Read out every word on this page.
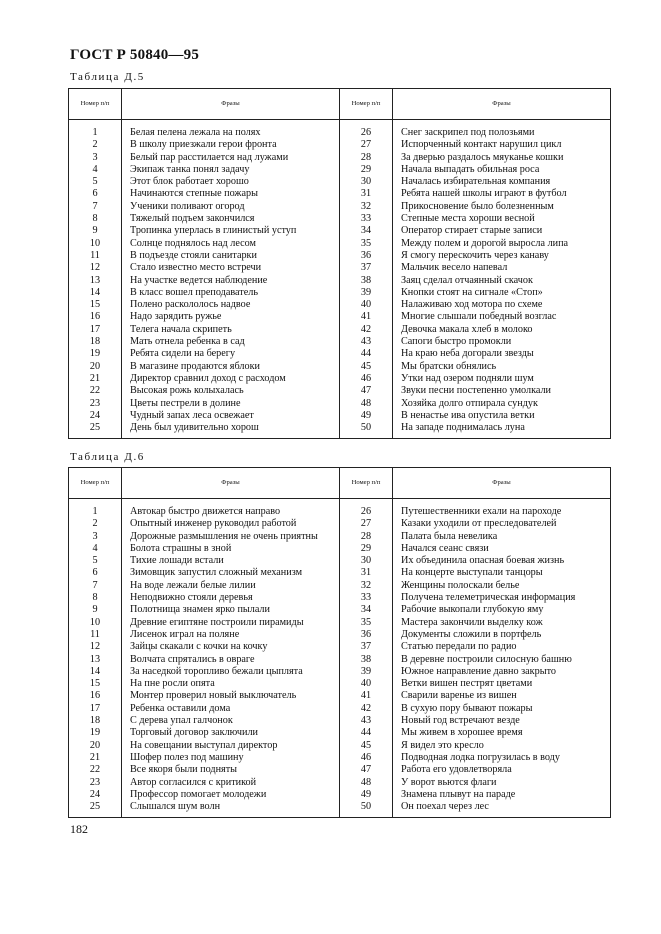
ГОСТ Р 50840—95
Таблица Д.5
Номер п/п	Фразы	Номер п/п	Фразы

1	Белая пелена лежала на полях	26	Снег заскрипел под полозьями
2	В школу приезжали герои фронта	27	Испорченный контакт нарушил цикл
3	Белый пар расстилается над лужами	28	За дверью раздалось мяуканье кошки
4	Экипаж танка понял задачу	29	Начала выпадать обильная роса
5	Этот блок работает хорошо	30	Началась избирательная компания
6	Начинаются степные пожары	31	Ребята нашей школы играют в футбол
7	Ученики поливают огород	32	Прикосновение было болезненным
8	Тяжелый подъем закончился	33	Степные места хороши весной
9	Тропинка уперлась в глинистый уступ	34	Оператор стирает старые записи
10	Солнце поднялось над лесом	35	Между полем и дорогой выросла липа
11	В подъезде стояли санитарки	36	Я смогу перескочить через канаву
12	Стало известно место встречи	37	Мальчик весело напевал
13	На участке ведется наблюдение	38	Заяц сделал отчаянный скачок
14	В класс вошел преподаватель	39	Кнопки стоят на сигнале «Стоп»
15	Полено раскололось надвое	40	Налаживаю ход мотора по схеме
16	Надо зарядить ружье	41	Многие слышали победный возглас
17	Телега начала скрипеть	42	Девочка макала хлеб в молоко
18	Мать отнела ребенка в сад	43	Сапоги быстро промокли
19	Ребята сидели на берегу	44	На краю неба догорали звезды
20	В магазине продаются яблоки	45	Мы братски обнялись
21	Директор сравнил доход с расходом	46	Утки над озером подняли шум
22	Высокая рожь колыхалась	47	Звуки песни постепенно умолкали
23	Цветы пестрели в долине	48	Хозяйка долго отпирала сундук
24	Чудный запах леса освежает	49	В ненастье ива опустила ветки
25	День был удивительно хорош	50	На западе поднималась луна

Таблица Д.6
Номер п/п	Фразы	Номер п/п	Фразы

1	Автокар быстро движется направо	26	Путешественники ехали на пароходе
2	Опытный инженер руководил работой	27	Казаки уходили от преследователей
3	Дорожные размышления не очень приятны	28	Палата была невелика
4	Болота страшны в зной	29	Начался сеанс связи
5	Тихие лошади встали	30	Их объединила опасная боевая жизнь
6	Зимовщик запустил сложный механизм	31	На концерте выступали танцоры
7	На воде лежали белые лилии	32	Женщины полоскали белье
8	Неподвижно стояли деревья	33	Получена телеметрическая информация
9	Полотнища знамен ярко пылали	34	Рабочие выкопали глубокую яму
10	Древние египтяне построили пирамиды	35	Мастера закончили выделку кож
11	Лисенок играл на поляне	36	Документы сложили в портфель
12	Зайцы скакали с кочки на кочку	37	Статью передали по радио
13	Волчата спрятались в овраге	38	В деревне построили силосную башню
14	За наседкой торопливо бежали цыплята	39	Южное направление давно закрыто
15	На пне росли опята	40	Ветки вишен пестрят цветами
16	Монтер проверил новый выключатель	41	Сварили варенье из вишен
17	Ребенка оставили дома	42	В сухую пору бывают пожары
18	С дерева упал галчонок	43	Новый год встречают везде
19	Торговый договор заключили	44	Мы живем в хорошее время
20	На совещании выступал директор	45	Я видел это кресло
21	Шофер полез под машину	46	Подводная лодка погрузилась в воду
22	Все якоря были подняты	47	Работа его удовлетворяла
23	Автор согласился с критикой	48	У ворот вьются флаги
24	Профессор помогает молодежи	49	Знамена плывут на параде
25	Слышался шум волн	50	Он поехал через лес

182
